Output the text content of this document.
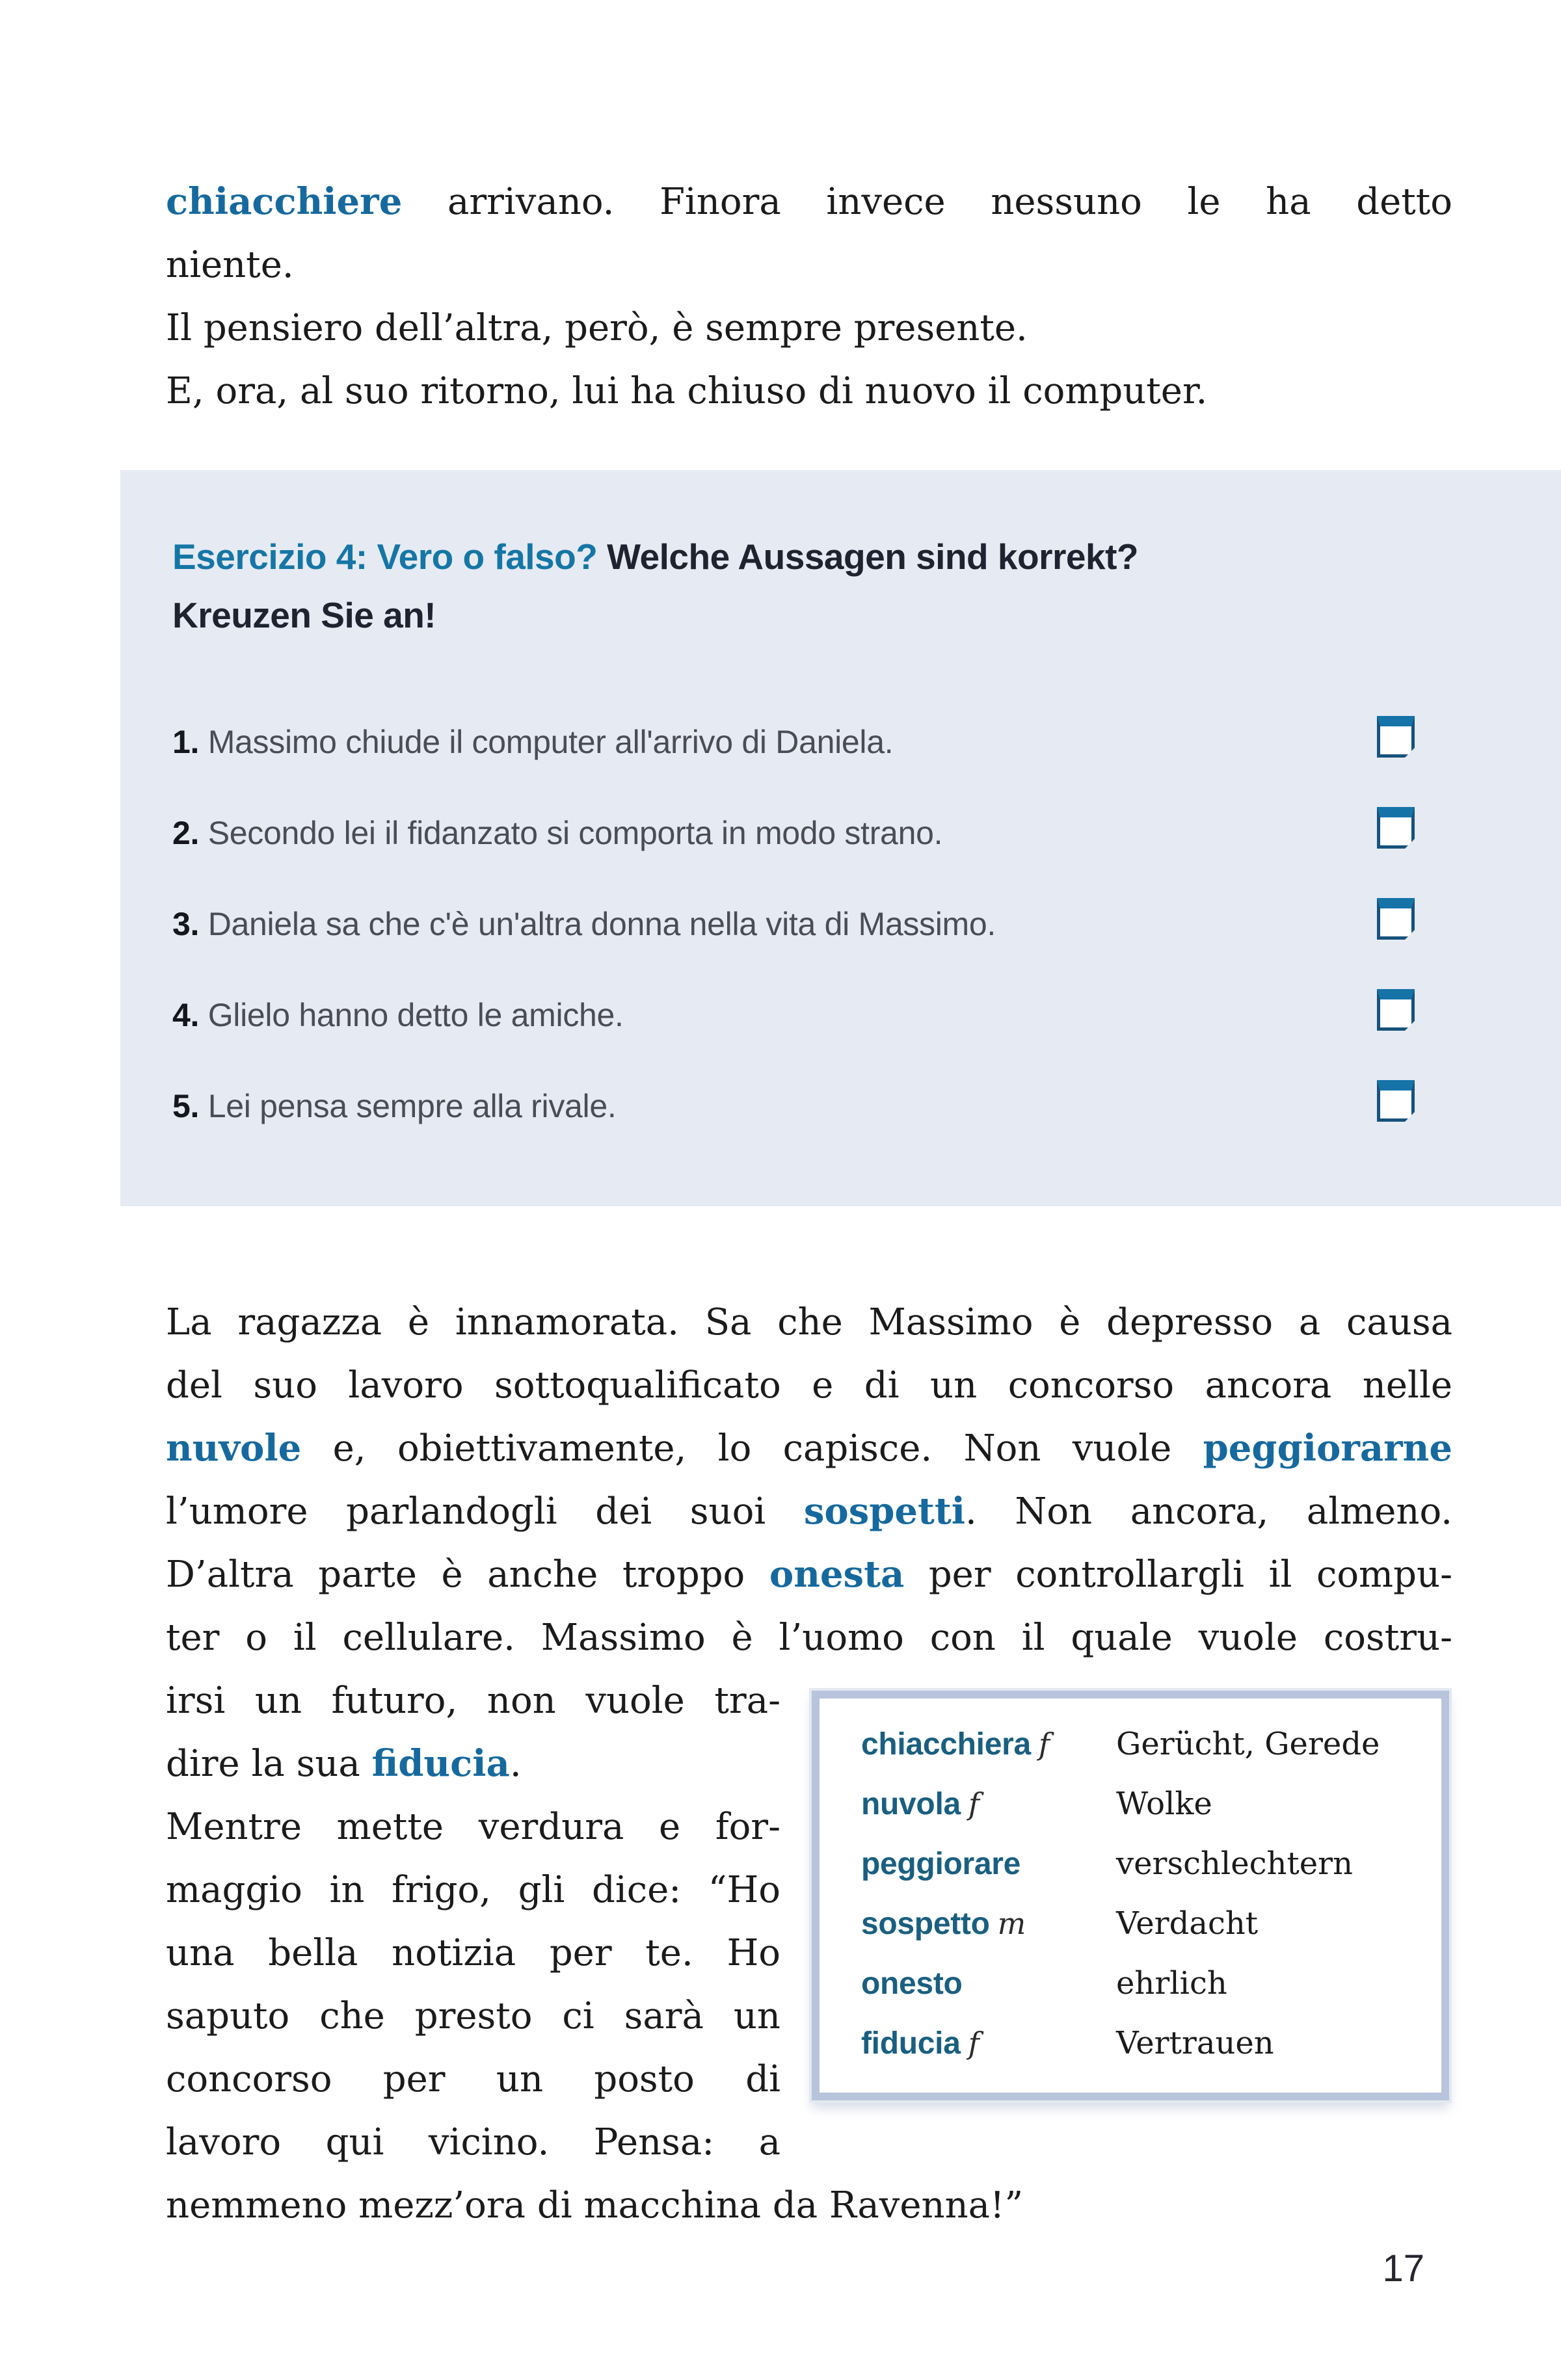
chiacchiere arrivano. Finora invece nessuno le ha detto
niente.
Il pensiero dell’altra, però, è sempre presente.
E, ora, al suo ritorno, lui ha chiuso di nuovo il computer.
Esercizio 4: Vero o falso? Welche Aussagen sind korrekt?
Kreuzen Sie an!
1. Massimo chiude il computer all'arrivo di Daniela.
2. Secondo lei il fidanzato si comporta in modo strano.
3. Daniela sa che c'è un'altra donna nella vita di Massimo.
4. Glielo hanno detto le amiche.
5. Lei pensa sempre alla rivale.
La ragazza è innamorata. Sa che Massimo è depresso a causa
del suo lavoro sottoqualificato e di un concorso ancora nelle
nuvole e, obiettivamente, lo capisce. Non vuole peggiorarne
l’umore parlandogli dei suoi sospetti. Non ancora, almeno.
D’altra parte è anche troppo onesta per controllargli il compu-
ter o il cellulare. Massimo è l’uomo con il quale vuole costru-
irsi un futuro, non vuole tra-
dire la sua fiducia.
Mentre mette verdura e for-
maggio in frigo, gli dice: “Ho
una bella notizia per te. Ho
saputo che presto ci sarà un
concorso per un posto di
lavoro qui vicino. Pensa: a
chiacchiera f	Gerücht, Gerede
nuvola f	Wolke
peggiorare	verschlechtern
sospetto m	Verdacht
onesto	ehrlich
fiducia f	Vertrauen
nemmeno mezz’ora di macchina da Ravenna!”
17
